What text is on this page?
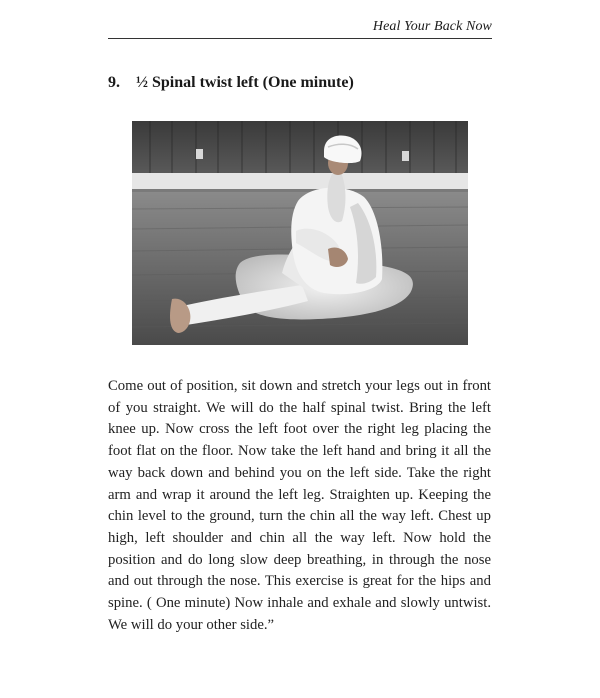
Heal Your Back Now
9. ½ Spinal twist left (One minute)

Come out of position, sit down and stretch your legs out in front of you straight. We will do the half spinal twist. Bring the left knee up. Now cross the left foot over the right leg placing the foot flat on the floor. Now take the left hand and bring it all the way back down and behind you on the left side. Take the right arm and wrap it around the left leg. Straighten up. Keeping the chin level to the ground, turn the chin all the way left. Chest up high, left shoulder and chin all the way left. Now hold the position and do long slow deep breathing, in through the nose and out through the nose. This exercise is great for the hips and spine. ( One minute) Now inhale and exhale and slowly untwist. We will do your other side.”
